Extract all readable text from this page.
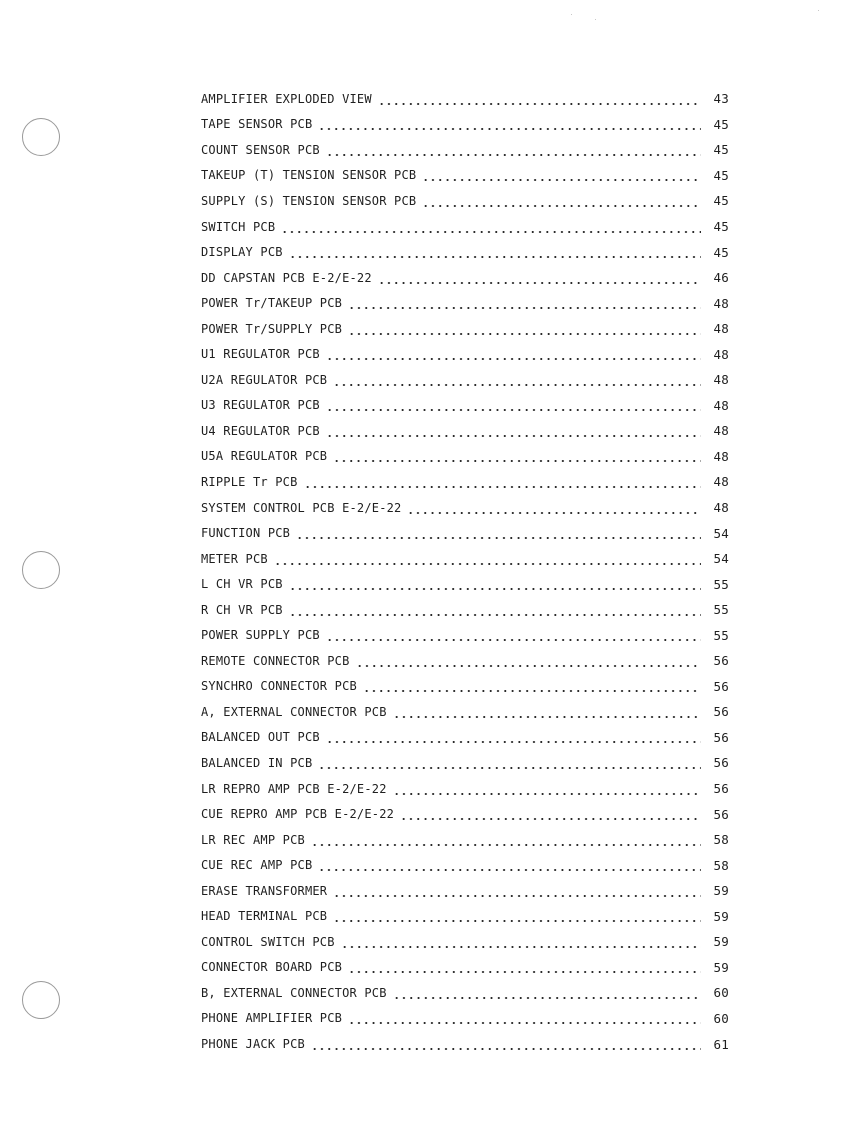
AMPLIFIER EXPLODED VIEW	43
TAPE SENSOR PCB	45
COUNT SENSOR PCB	45
TAKEUP (T) TENSION SENSOR PCB	45
SUPPLY (S) TENSION SENSOR PCB	45
SWITCH PCB	45
DISPLAY PCB	45
DD CAPSTAN PCB E-2/E-22	46
POWER Tr/TAKEUP PCB	48
POWER Tr/SUPPLY PCB	48
U1 REGULATOR PCB	48
U2A REGULATOR PCB	48
U3 REGULATOR PCB	48
U4 REGULATOR PCB	48
U5A REGULATOR PCB	48
RIPPLE Tr PCB	48
SYSTEM CONTROL PCB E-2/E-22	48
FUNCTION PCB	54
METER PCB	54
L CH VR PCB	55
R CH VR PCB	55
POWER SUPPLY PCB	55
REMOTE CONNECTOR PCB	56
SYNCHRO CONNECTOR PCB	56
A, EXTERNAL CONNECTOR PCB	56
BALANCED OUT PCB	56
BALANCED IN PCB	56
LR REPRO AMP PCB E-2/E-22	56
CUE REPRO AMP PCB E-2/E-22	56
LR REC AMP PCB	58
CUE REC AMP PCB	58
ERASE TRANSFORMER	59
HEAD TERMINAL PCB	59
CONTROL SWITCH PCB	59
CONNECTOR BOARD PCB	59
B, EXTERNAL CONNECTOR PCB	60
PHONE AMPLIFIER PCB	60
PHONE JACK PCB	61
